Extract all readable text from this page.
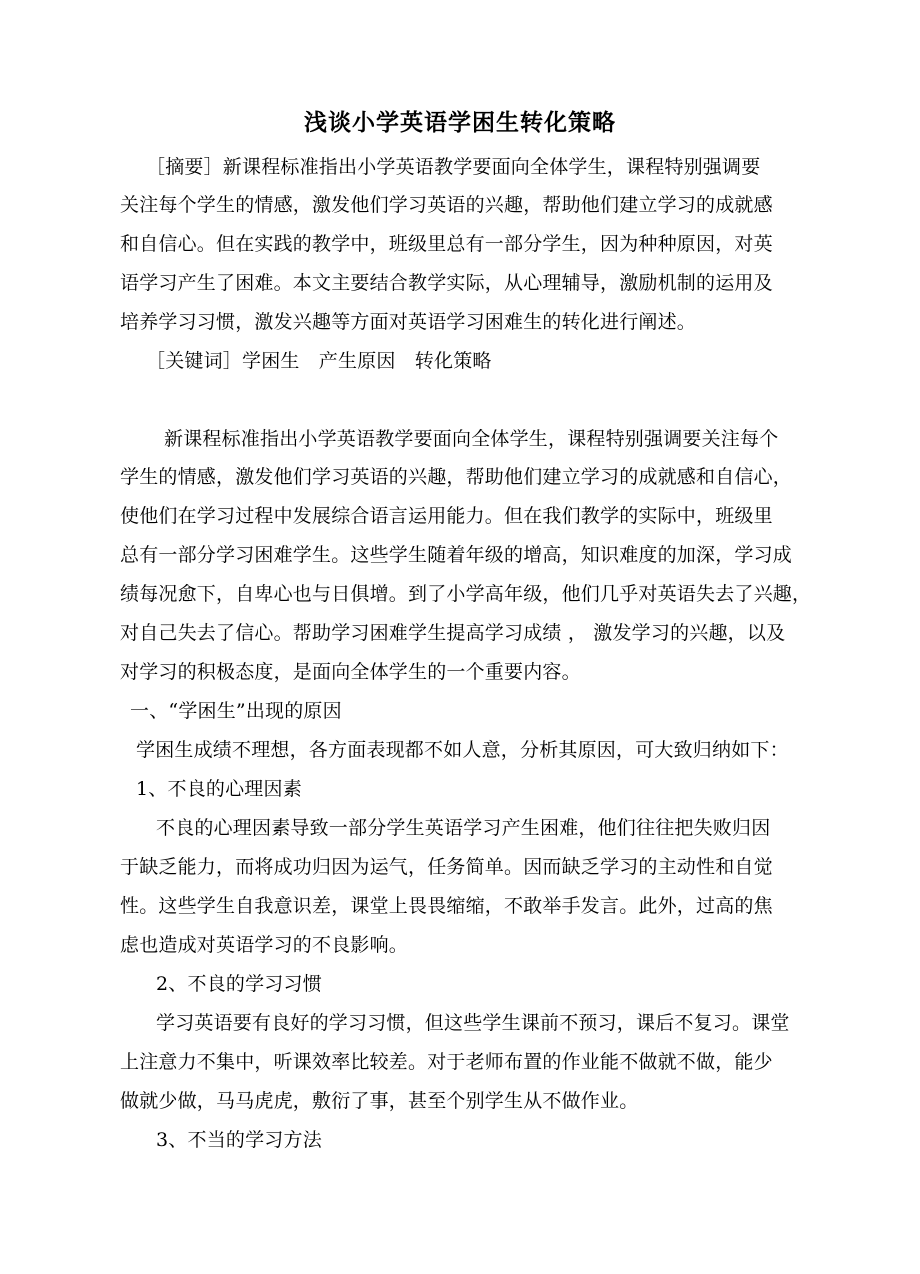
浅谈小学英语学困生转化策略
［摘要］新课程标准指出小学英语教学要面向全体学生，课程特别强调要
关注每个学生的情感，激发他们学习英语的兴趣，帮助他们建立学习的成就感
和自信心。但在实践的教学中，班级里总有一部分学生，因为种种原因，对英
语学习产生了困难。本文主要结合教学实际，从心理辅导，激励机制的运用及
培养学习习惯，激发兴趣等方面对英语学习困难生的转化进行阐述。
［关键词］学困生　产生原因　转化策略
新课程标准指出小学英语教学要面向全体学生，课程特别强调要关注每个
学生的情感，激发他们学习英语的兴趣，帮助他们建立学习的成就感和自信心，
使他们在学习过程中发展综合语言运用能力。但在我们教学的实际中，班级里
总有一部分学习困难学生。这些学生随着年级的增高，知识难度的加深，学习成
绩每况愈下，自卑心也与日俱增。到了小学高年级，他们几乎对英语失去了兴趣，
对自己失去了信心。帮助学习困难学生提高学习成绩 ， 激发学习的兴趣，以及
对学习的积极态度，是面向全体学生的一个重要内容。
一、“学困生”出现的原因
学困生成绩不理想，各方面表现都不如人意，分析其原因，可大致归纳如下：
1、不良的心理因素
不良的心理因素导致一部分学生英语学习产生困难，他们往往把失败归因
于缺乏能力，而将成功归因为运气，任务简单。因而缺乏学习的主动性和自觉
性。这些学生自我意识差，课堂上畏畏缩缩，不敢举手发言。此外，过高的焦
虑也造成对英语学习的不良影响。
2、不良的学习习惯
学习英语要有良好的学习习惯，但这些学生课前不预习，课后不复习。课堂
上注意力不集中，听课效率比较差。对于老师布置的作业能不做就不做，能少
做就少做，马马虎虎，敷衍了事，甚至个别学生从不做作业。
3、不当的学习方法
